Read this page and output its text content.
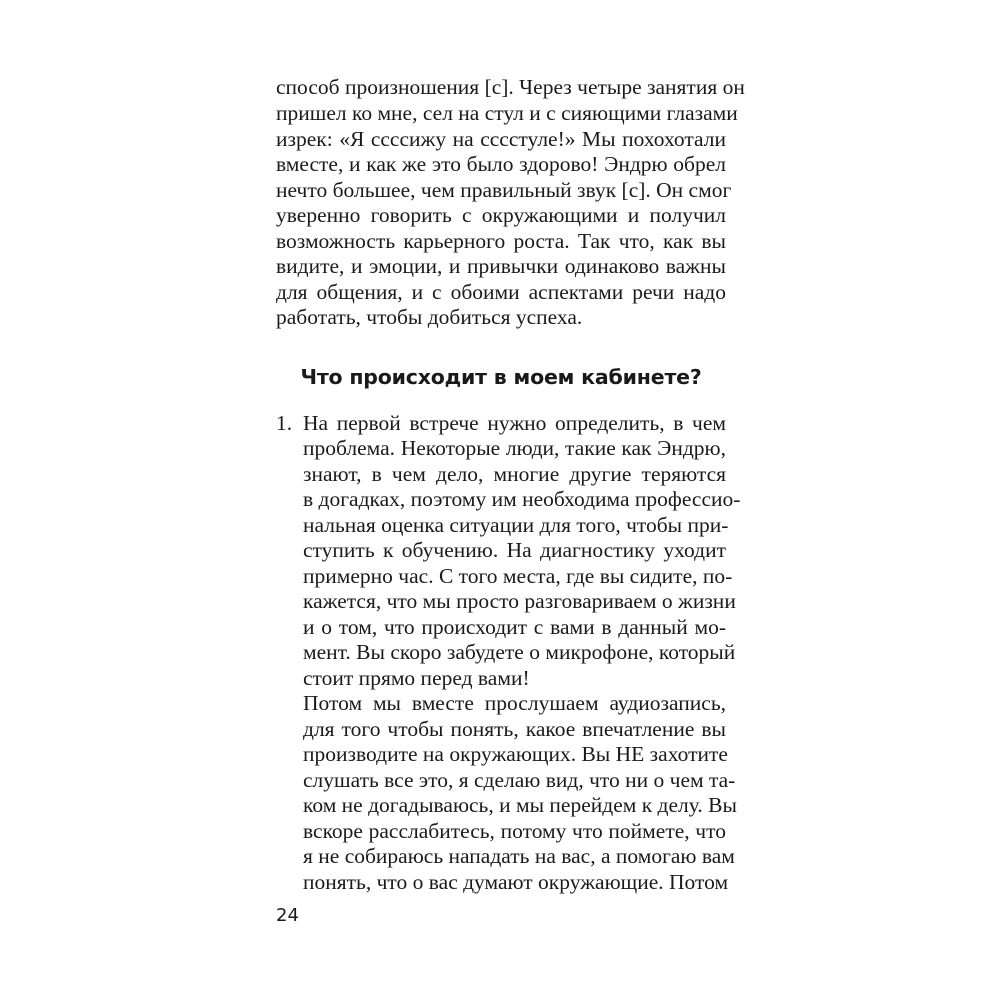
способ произношения [с]. Через четыре занятия он
пришел ко мне, сел на стул и с сияющими глазами
изрек: «Я ссссижу на сссстуле!» Мы похохотали
вместе, и как же это было здорово! Эндрю обрел
нечто большее, чем правильный звук [с]. Он смог
уверенно говорить с окружающими и получил
возможность карьерного роста. Так что, как вы
видите, и эмоции, и привычки одинаково важны
для общения, и с обоими аспектами речи надо
работать, чтобы добиться успеха.
Что происходит в моем кабинете?
1. На первой встрече нужно определить, в чем
проблема. Некоторые люди, такие как Эндрю,
знают, в чем дело, многие другие теряются
в догадках, поэтому им необходима профессио-
нальная оценка ситуации для того, чтобы при-
ступить к обучению. На диагностику уходит
примерно час. С того места, где вы сидите, по-
кажется, что мы просто разговариваем о жизни
и о том, что происходит с вами в данный мо-
мент. Вы скоро забудете о микрофоне, который
стоит прямо перед вами!
Потом мы вместе прослушаем аудиозапись,
для того чтобы понять, какое впечатление вы
производите на окружающих. Вы НЕ захотите
слушать все это, я сделаю вид, что ни о чем та-
ком не догадываюсь, и мы перейдем к делу. Вы
вскоре расслабитесь, потому что поймете, что
я не собираюсь нападать на вас, а помогаю вам
понять, что о вас думают окружающие. Потом
24
